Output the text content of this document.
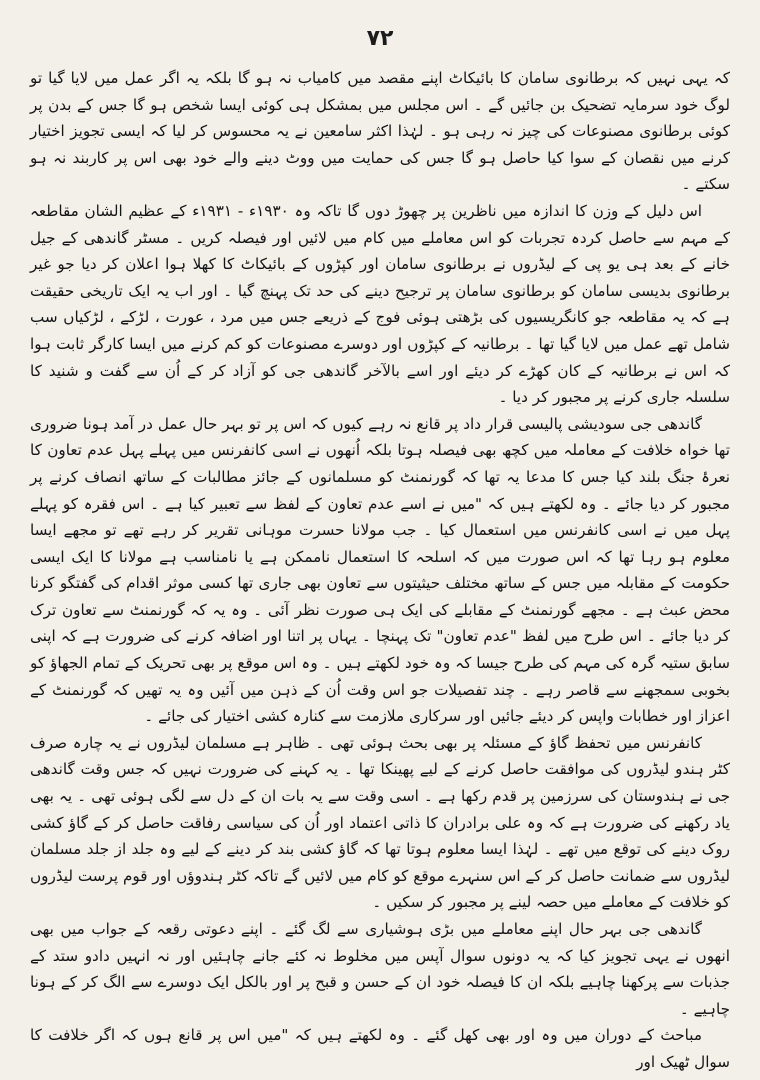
۷۲

کہ یہی نہیں کہ برطانوی سامان کا بائیکاٹ اپنے مقصد میں کامیاب نہ ہو گا بلکہ یہ اگر عمل میں لایا گیا تو لوگ خود سرمایہ تضحیک بن جائیں گے ۔ اس مجلس میں بمشکل ہی کوئی ایسا شخص ہو گا جس کے بدن پر کوئی برطانوی مصنوعات کی چیز نہ رہی ہو ۔ لہٰذا اکثر سامعین نے یہ محسوس کر لیا کہ ایسی تجویز اختیار کرنے میں نقصان کے سوا کیا حاصل ہو گا جس کی حمایت میں ووٹ دینے والے خود بھی اس پر کاربند نہ ہو سکتے ۔

اس دلیل کے وزن کا اندازہ میں ناظرین پر چھوڑ دوں گا تاکہ وہ ۱۹۳۰ء - ۱۹۳۱ء کے عظیم الشان مقاطعہ کے مہم سے حاصل کردہ تجربات کو اس معاملے میں کام میں لائیں اور فیصلہ کریں ۔ مسٹر گاندھی کے جیل خانے کے بعد ہی یو پی کے لیڈروں نے برطانوی سامان اور کپڑوں کے بائیکاٹ کا کھلا ہوا اعلان کر دیا جو غیر برطانوی بدیسی سامان کو برطانوی سامان پر ترجیح دینے کی حد تک پہنچ گیا ۔ اور اب یہ ایک تاریخی حقیقت ہے کہ یہ مقاطعہ جو کانگریسیوں کی بڑھتی ہوئی فوج کے ذریعے جس میں مرد ، عورت ، لڑکے ، لڑکیاں سب شامل تھے عمل میں لایا گیا تھا ۔ برطانیہ کے کپڑوں اور دوسرے مصنوعات کو کم کرنے میں ایسا کارگر ثابت ہوا کہ اس نے برطانیہ کے کان کھڑے کر دیئے اور اسے بالآخر گاندھی جی کو آزاد کر کے اُن سے گفت و شنید کا سلسلہ جاری کرنے پر مجبور کر دیا ۔

گاندھی جی سودیشی پالیسی قرار داد پر قانع نہ رہے کیوں کہ اس پر تو بہر حال عمل در آمد ہونا ضروری تھا خواہ خلافت کے معاملہ میں کچھ بھی فیصلہ ہوتا بلکہ اُنھوں نے اسی کانفرنس میں پہلے پہل عدم تعاون کا نعرۂ جنگ بلند کیا جس کا مدعا یہ تھا کہ گورنمنٹ کو مسلمانوں کے جائز مطالبات کے ساتھ انصاف کرنے پر مجبور کر دیا جائے ۔ وہ لکھتے ہیں کہ "میں نے اسے عدم تعاون کے لفظ سے تعبیر کیا ہے ۔ اس فقرہ کو پہلے پہل میں نے اسی کانفرنس میں استعمال کیا ۔ جب مولانا حسرت موہانی تقریر کر رہے تھے تو مجھے ایسا معلوم ہو رہا تھا کہ اس صورت میں کہ اسلحہ کا استعمال ناممکن ہے یا نامناسب ہے مولانا کا ایک ایسی حکومت کے مقابلہ میں جس کے ساتھ مختلف حیثیتوں سے تعاون بھی جاری تھا کسی موثر اقدام کی گفتگو کرنا محض عبث ہے ۔ مجھے گورنمنٹ کے مقابلے کی ایک ہی صورت نظر آئی ۔ وہ یہ کہ گورنمنٹ سے تعاون ترک کر دیا جائے ۔ اس طرح میں لفظ "عدم تعاون" تک پہنچا ۔ یہاں پر اتنا اور اضافہ کرنے کی ضرورت ہے کہ اپنی سابق ستیہ گرہ کی مہم کی طرح جیسا کہ وہ خود لکھتے ہیں ۔ وہ اس موقع پر بھی تحریک کے تمام الجھاؤ کو بخوبی سمجھنے سے قاصر رہے ۔ چند تفصیلات جو اس وقت اُن کے ذہن میں آئیں وہ یہ تھیں کہ گورنمنٹ کے اعزاز اور خطابات واپس کر دیئے جائیں اور سرکاری ملازمت سے کنارہ کشی اختیار کی جائے ۔

کانفرنس میں تحفظ گاؤ کے مسئلہ پر بھی بحث ہوئی تھی ۔ ظاہر ہے مسلمان لیڈروں نے یہ چارہ صرف کٹر ہندو لیڈروں کی موافقت حاصل کرنے کے لیے پھینکا تھا ۔ یہ کہنے کی ضرورت نہیں کہ جس وقت گاندھی جی نے ہندوستان کی سرزمین پر قدم رکھا ہے ۔ اسی وقت سے یہ بات ان کے دل سے لگی ہوئی تھی ۔ یہ بھی یاد رکھنے کی ضرورت ہے کہ وہ علی برادران کا ذاتی اعتماد اور اُن کی سیاسی رفاقت حاصل کر کے گاؤ کشی روک دینے کی توقع میں تھے ۔ لہٰذا ایسا معلوم ہوتا تھا کہ گاؤ کشی بند کر دینے کے لیے وہ جلد از جلد مسلمان لیڈروں سے ضمانت حاصل کر کے اس سنہرے موقع کو کام میں لائیں گے تاکہ کٹر ہندوؤں اور قوم پرست لیڈروں کو خلافت کے معاملے میں حصہ لینے پر مجبور کر سکیں ۔

گاندھی جی بہر حال اپنے معاملے میں بڑی ہوشیاری سے لگ گئے ۔ اپنے دعوتی رقعہ کے جواب میں بھی انھوں نے یہی تجویز کیا کہ یہ دونوں سوال آپس میں مخلوط نہ کئے جانے چاہئیں اور نہ انہیں دادو ستد کے جذبات سے پرکھنا چاہیے بلکہ ان کا فیصلہ خود ان کے حسن و قبح پر اور بالکل ایک دوسرے سے الگ کر کے ہونا چاہیے ۔

مباحث کے دوران میں وہ اور بھی کھل گئے ۔ وہ لکھتے ہیں کہ "میں اس پر قانع ہوں کہ اگر خلافت کا سوال ٹھیک اور
